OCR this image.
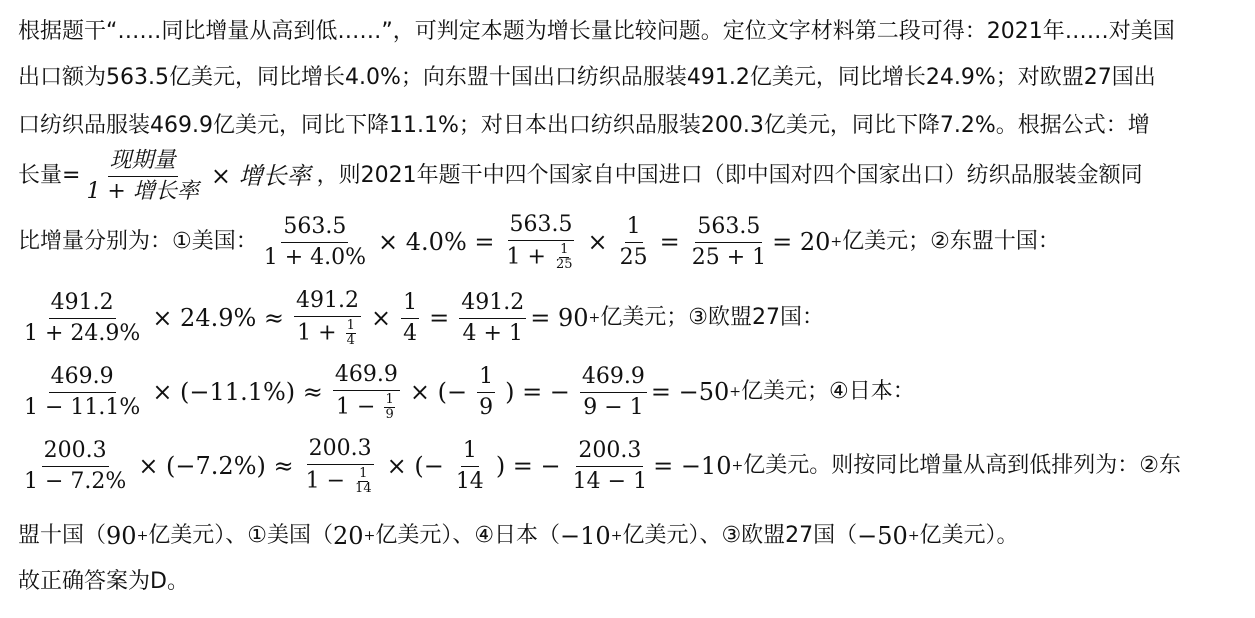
根据题干“……同比增量从高到低……”，可判定本题为增长量比较问题。定位文字材料第二段可得：2021年……对美国
出口额为563.5亿美元，同比增长4.0%；向东盟十国出口纺织品服装491.2亿美元，同比增长24.9%；对欧盟27国出
口纺织品服装469.9亿美元，同比下降11.1%；对日本出口纺织品服装200.3亿美元，同比下降7.2%。根据公式：增
长量= $\frac{\text{现期量}}{\text{1 + 增长率}}$ × 增长率 ，则2021年题干中四个国家自中国进口（即中国对四个国家出口）纺织品服装金额同
比增量分别为：①美国： $\frac{563.5}{1 + 4.0\%} \times 4.0\% = \frac{563.5}{1 + \frac{1}{25}} \times \frac{1}{25} = \frac{563.5}{25 + 1} = 20$ + 亿美元；②东盟十国：
$\frac{491.2}{1 + 24.9\%} \times 24.9\% \approx \frac{491.2}{1 + \frac{1}{4}} \times \frac{1}{4} = \frac{491.2}{4 + 1} = 90$ + 亿美元；③欧盟27国：
$\frac{469.9}{1 - 11.1\%} \times (-11.1\%) \approx \frac{469.9}{1 - \frac{1}{9}}$ × (− $\frac{1}{9}$ ) = − $\frac{469.9}{9 - 1} = -50$ + 亿美元；④日本：
$\frac{200.3}{1 - 7.2\%} \times (-7.2\%) \approx \frac{200.3}{1 - \frac{1}{14}}$ × (− $\frac{1}{14}$ ) = − $\frac{200.3}{14 - 1} = -10$ + 亿美元。则按同比增量从高到低排列为：②东
盟十国（ 90 + 亿美元）、①美国（ 20 + 亿美元）、④日本（ −10 + 亿美元）、③欧盟27国（ −50 + 亿美元）。
故正确答案为D。
